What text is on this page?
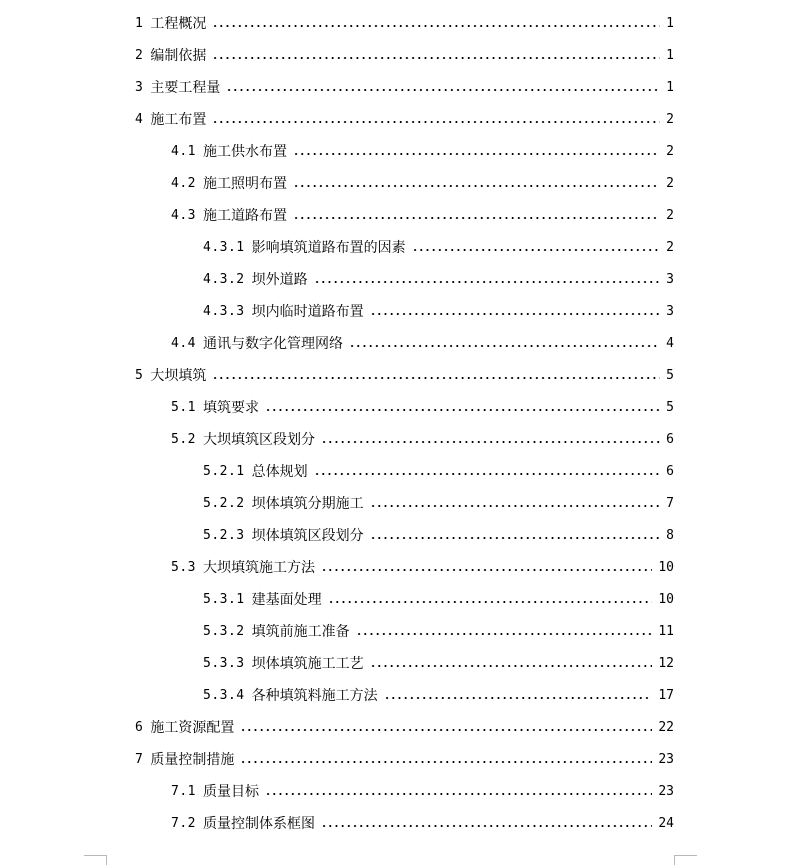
1 工程概况	1
2 编制依据	1
3 主要工程量	1
4 施工布置	2
4.1 施工供水布置	2
4.2 施工照明布置	2
4.3 施工道路布置	2
4.3.1 影响填筑道路布置的因素	2
4.3.2 坝外道路	3
4.3.3 坝内临时道路布置	3
4.4 通讯与数字化管理网络	4
5 大坝填筑	5
5.1 填筑要求	5
5.2 大坝填筑区段划分	6
5.2.1 总体规划	6
5.2.2 坝体填筑分期施工	7
5.2.3 坝体填筑区段划分	8
5.3 大坝填筑施工方法	10
5.3.1 建基面处理	10
5.3.2 填筑前施工准备	11
5.3.3 坝体填筑施工工艺	12
5.3.4 各种填筑料施工方法	17
6 施工资源配置	22
7 质量控制措施	23
7.1 质量目标	23
7.2 质量控制体系框图	24
